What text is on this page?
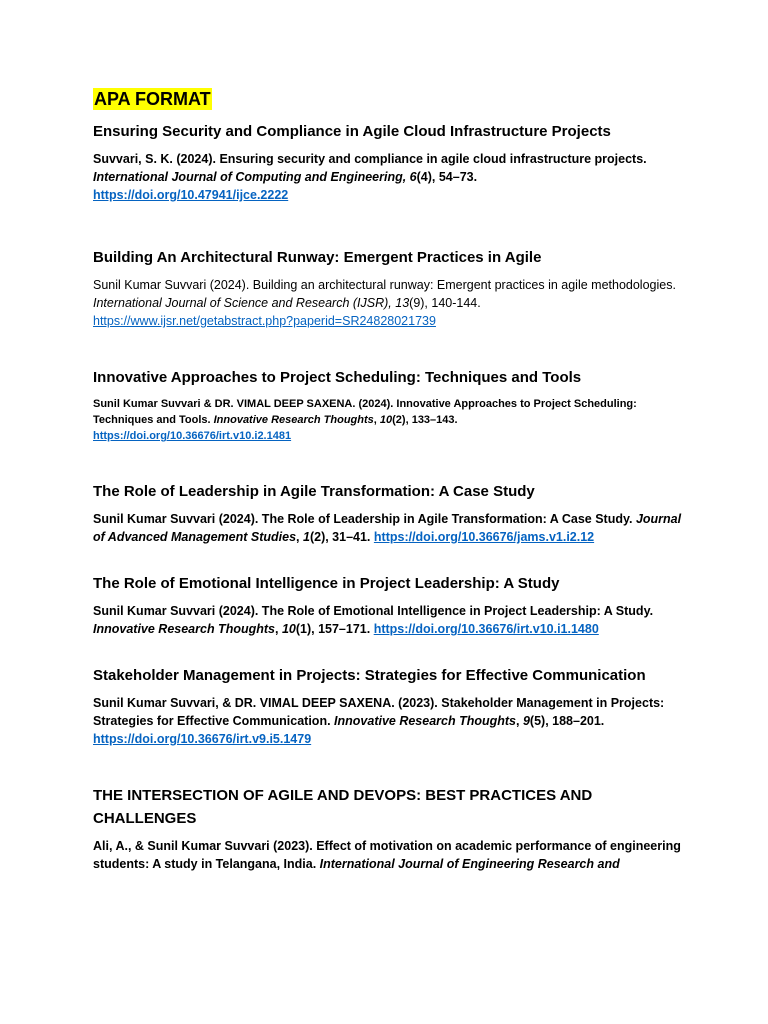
APA FORMAT
Ensuring Security and Compliance in Agile Cloud Infrastructure Projects

Suvvari, S. K. (2024). Ensuring security and compliance in agile cloud infrastructure projects.
International Journal of Computing and Engineering, 6(4), 54–73.
https://doi.org/10.47941/ijce.2222

Building An Architectural Runway: Emergent Practices in Agile

Sunil Kumar Suvvari (2024). Building an architectural runway: Emergent practices in agile methodologies. International Journal of Science and Research (IJSR), 13(9), 140-144.
https://www.ijsr.net/getabstract.php?paperid=SR24828021739

Innovative Approaches to Project Scheduling: Techniques and Tools

Sunil Kumar Suvvari & DR. VIMAL DEEP SAXENA. (2024). Innovative Approaches to Project Scheduling: Techniques and Tools. Innovative Research Thoughts, 10(2), 133–143.
https://doi.org/10.36676/irt.v10.i2.1481

The Role of Leadership in Agile Transformation: A Case Study

Sunil Kumar Suvvari (2024). The Role of Leadership in Agile Transformation: A Case Study. Journal of Advanced Management Studies, 1(2), 31–41. https://doi.org/10.36676/jams.v1.i2.12

The Role of Emotional Intelligence in Project Leadership: A Study

Sunil Kumar Suvvari (2024). The Role of Emotional Intelligence in Project Leadership: A Study. Innovative Research Thoughts, 10(1), 157–171. https://doi.org/10.36676/irt.v10.i1.1480

Stakeholder Management in Projects: Strategies for Effective Communication

Sunil Kumar Suvvari, & DR. VIMAL DEEP SAXENA. (2023). Stakeholder Management in Projects: Strategies for Effective Communication. Innovative Research Thoughts, 9(5), 188–201.
https://doi.org/10.36676/irt.v9.i5.1479

THE INTERSECTION OF AGILE AND DEVOPS: BEST PRACTICES AND CHALLENGES

Ali, A., & Sunil Kumar Suvvari (2023). Effect of motivation on academic performance of engineering students: A study in Telangana, India. International Journal of Engineering Research and
